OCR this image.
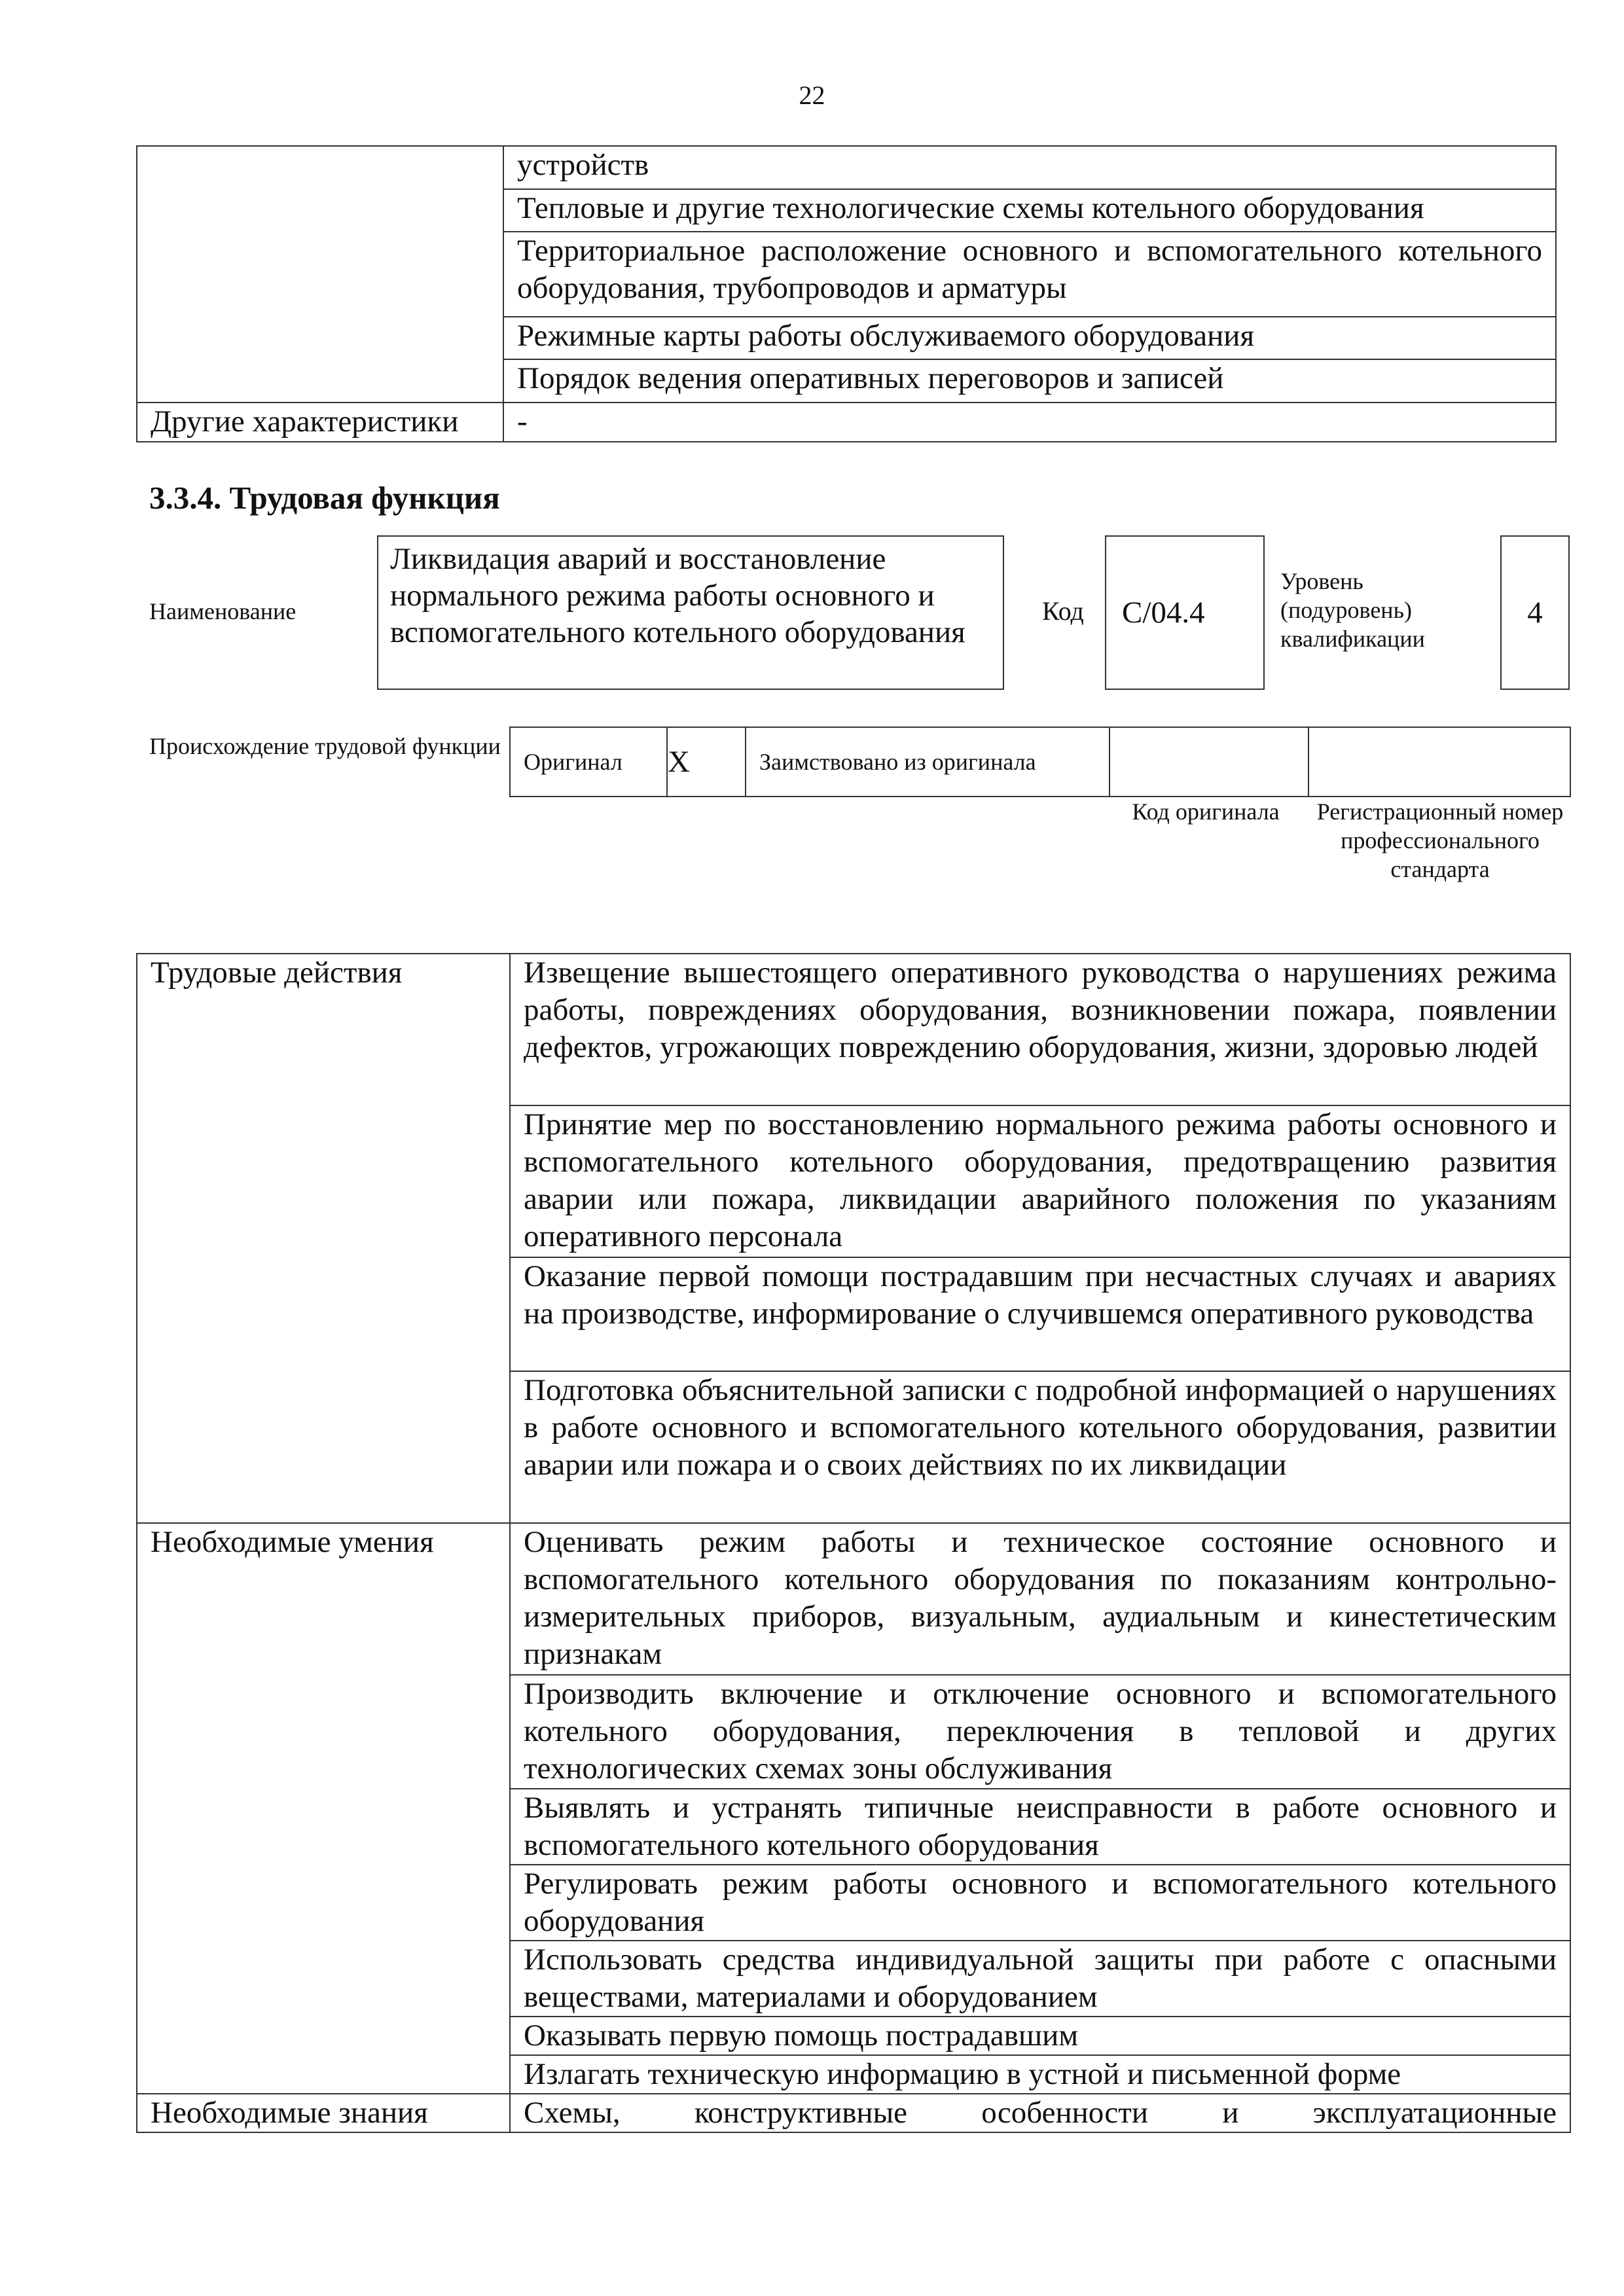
22
	устройств
	Тепловые и другие технологические схемы котельного оборудования
	Территориальное расположение основного и вспомогательного котельного оборудования, трубопроводов и арматуры
	Режимные карты работы обслуживаемого оборудования
	Порядок ведения оперативных переговоров и записей

Другие характеристики	-
3.3.4. Трудовая функция
Наименование
Ликвидация аварий и восстановление нормального режима работы основного и вспомогательного котельного оборудования
Код	C/04.4
Уровень (подуровень) квалификации
4
Происхождение трудовой функции
Оригинал	X	Заимствовано из оригинала		
Код оригинала	Регистрационный номер профессионального стандарта
Трудовые действия	Извещение вышестоящего оперативного руководства о нарушениях режима работы, повреждениях оборудования, возникновении пожара, появлении дефектов, угрожающих повреждению оборудования, жизни, здоровью людей
	Принятие мер по восстановлению нормального режима работы основного и вспомогательного котельного оборудования, предотвращению развития аварии или пожара, ликвидации аварийного положения по указаниям оперативного персонала
	Оказание первой помощи пострадавшим при несчастных случаях и авариях на производстве, информирование о случившемся оперативного руководства
	Подготовка объяснительной записки с подробной информацией о нарушениях в работе основного и вспомогательного котельного оборудования, развитии аварии или пожара и о своих действиях по их ликвидации
Необходимые умения	Оценивать режим работы и техническое состояние основного и вспомогательного котельного оборудования по показаниям контрольно-измерительных приборов, визуальным, аудиальным и кинестетическим признакам
	Производить включение и отключение основного и вспомогательного котельного оборудования, переключения в тепловой и других технологических схемах зоны обслуживания
	Выявлять и устранять типичные неисправности в работе основного и вспомогательного котельного оборудования
	Регулировать режим работы основного и вспомогательного котельного оборудования
	Использовать средства индивидуальной защиты при работе с опасными веществами, материалами и оборудованием
	Оказывать первую помощь пострадавшим
	Излагать техническую информацию в устной и письменной форме
Необходимые знания	Схемы, конструктивные особенности и эксплуатационные
